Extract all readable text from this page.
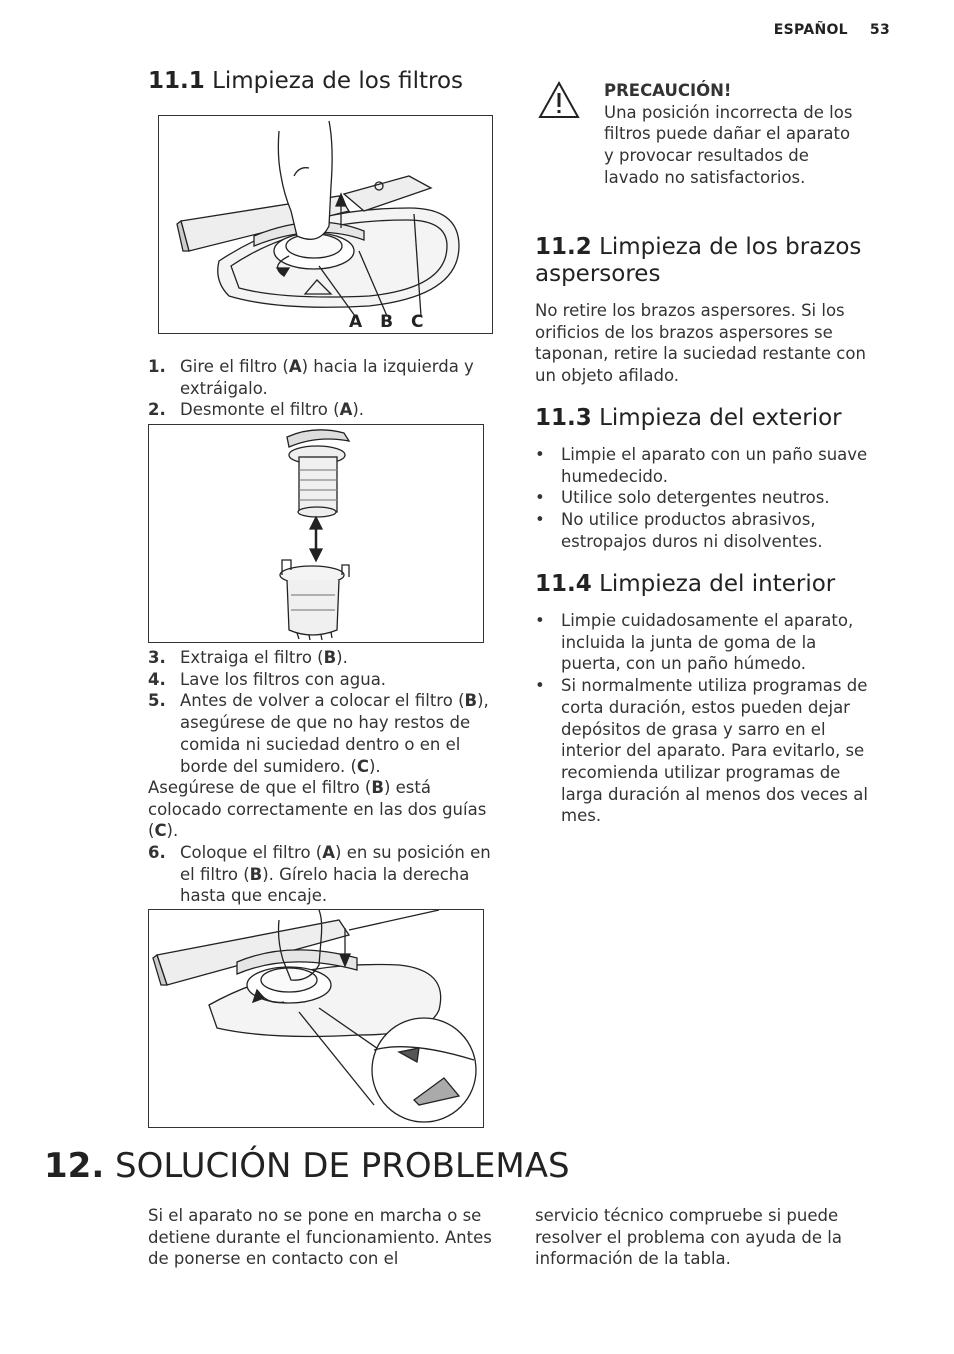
ESPAÑOL 53
11.1 Limpieza de los filtros
A B C
1. Gire el filtro (A) hacia la izquierda y extráigalo.
2. Desmonte el filtro (A).
3. Extraiga el filtro (B).
4. Lave los filtros con agua.
5. Antes de volver a colocar el filtro (B), asegúrese de que no hay restos de comida ni suciedad dentro o en el borde del sumidero. (C).
Asegúrese de que el filtro (B) está colocado correctamente en las dos guías (C).
6. Coloque el filtro (A) en su posición en el filtro (B). Gírelo hacia la derecha hasta que encaje.
PRECAUCIÓN!
Una posición incorrecta de los filtros puede dañar el aparato y provocar resultados de lavado no satisfactorios.
11.2 Limpieza de los brazos aspersores
No retire los brazos aspersores. Si los orificios de los brazos aspersores se taponan, retire la suciedad restante con un objeto afilado.
11.3 Limpieza del exterior
• Limpie el aparato con un paño suave humedecido.
• Utilice solo detergentes neutros.
• No utilice productos abrasivos, estropajos duros ni disolventes.
11.4 Limpieza del interior
• Limpie cuidadosamente el aparato, incluida la junta de goma de la puerta, con un paño húmedo.
• Si normalmente utiliza programas de corta duración, estos pueden dejar depósitos de grasa y sarro en el interior del aparato. Para evitarlo, se recomienda utilizar programas de larga duración al menos dos veces al mes.
12. SOLUCIÓN DE PROBLEMAS
Si el aparato no se pone en marcha o se detiene durante el funcionamiento. Antes de ponerse en contacto con el
servicio técnico compruebe si puede resolver el problema con ayuda de la información de la tabla.
